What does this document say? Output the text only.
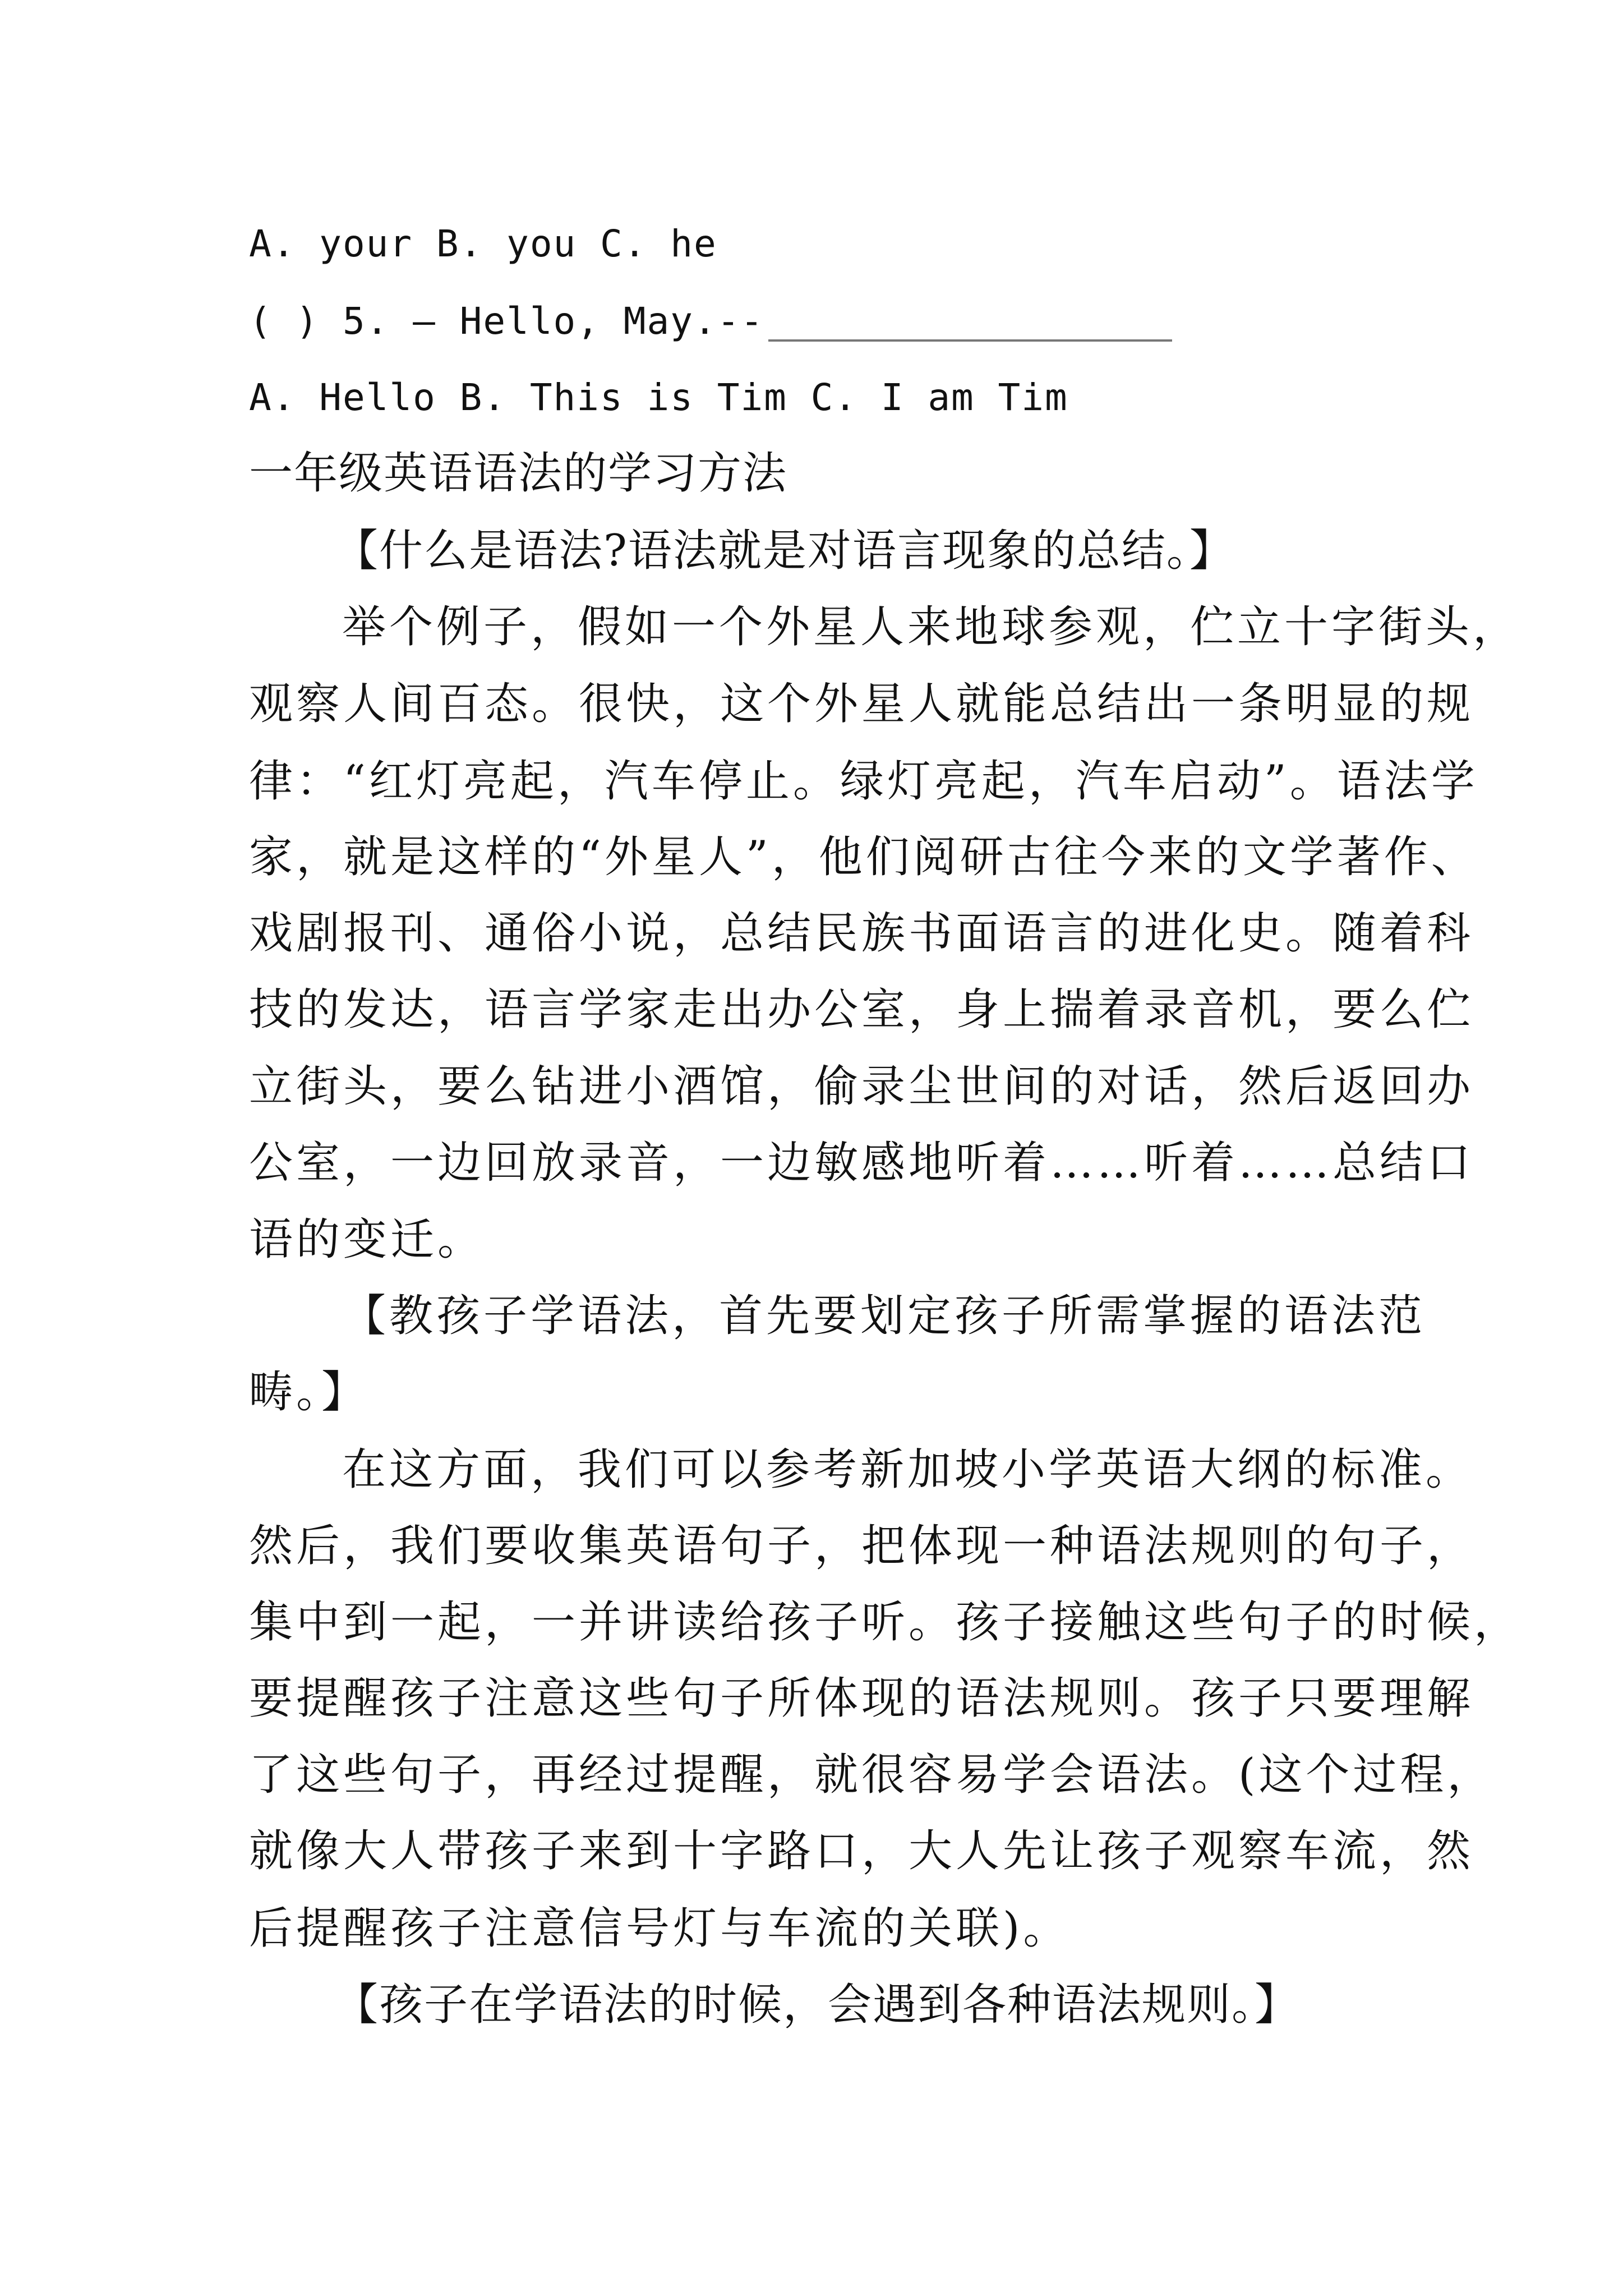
A. your B. you C. he
( ) 5. – Hello, May.--
A. Hello B. This is Tim C. I am Tim
一年级英语语法的学习方法
【什么是语法?语法就是对语言现象的总结。】
举个例子，假如一个外星人来地球参观，伫立十字街头，
观察人间百态。很快，这个外星人就能总结出一条明显的规
律：“红灯亮起，汽车停止。绿灯亮起，汽车启动”。语法学
家，就是这样的“外星人”，他们阅研古往今来的文学著作、
戏剧报刊、通俗小说，总结民族书面语言的进化史。随着科
技的发达，语言学家走出办公室，身上揣着录音机，要么伫
立街头，要么钻进小酒馆，偷录尘世间的对话，然后返回办
公室，一边回放录音，一边敏感地听着……听着……总结口
语的变迁。
【教孩子学语法，首先要划定孩子所需掌握的语法范
畴。】
在这方面，我们可以参考新加坡小学英语大纲的标准。
然后，我们要收集英语句子，把体现一种语法规则的句子，
集中到一起，一并讲读给孩子听。孩子接触这些句子的时候，
要提醒孩子注意这些句子所体现的语法规则。孩子只要理解
了这些句子，再经过提醒，就很容易学会语法。(这个过程，
就像大人带孩子来到十字路口，大人先让孩子观察车流，然
后提醒孩子注意信号灯与车流的关联)。
【孩子在学语法的时候，会遇到各种语法规则。】
